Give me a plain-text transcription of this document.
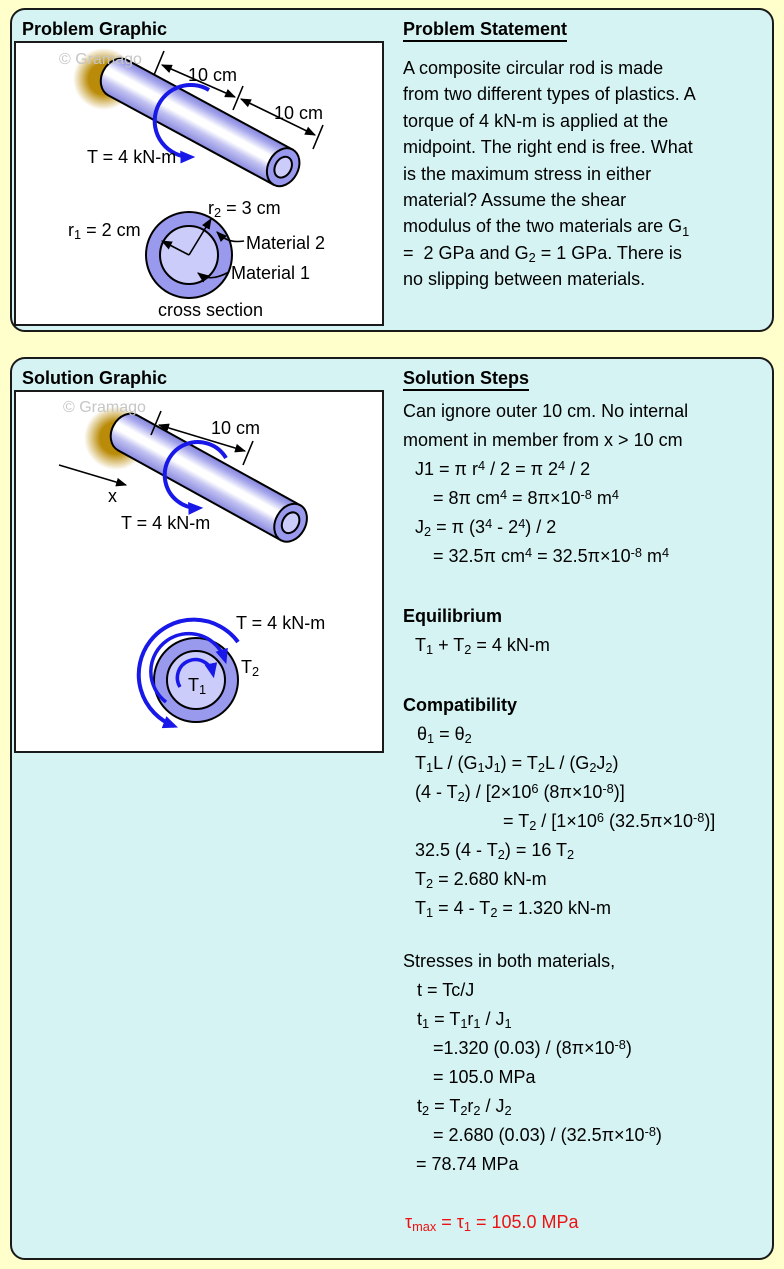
Problem Graphic
© Gramago
10 cm
10 cm
T = 4 kN-m
$r_2 = 3$ cm
$r_1 = 2$ cm
Material 2
Material 1
cross section
Problem Statement
A composite circular rod is made
from two different types of plastics. A
torque of 4 kN-m is applied at the
midpoint. The right end is free. What
is the maximum stress in either
material? Assume the shear
modulus of the two materials are $G_1$
=  2 GPa and $G_2 = 1$ GPa. There is
no slipping between materials.
Solution Graphic
© Gramago
10 cm
x
T = 4 kN-m
T = 4 kN-m
$T_2$
$T_1$
Solution Steps
Can ignore outer 10 cm. No internal
moment in member from x > 10 cm
J1 = π $r^4 / 2 = \pi$ $2^4 / 2$
= 8π $cm^4 = 8\pi\times 10^{-8}$ $m^4$
$J_2 = \pi$ $(3^4 - 2^4) / 2$
= 32.5π $cm^4 = 32.5\pi\times 10^{-8}$ $m^4$
Equilibrium
$T_1 + T_2 = 4$ kN-m
Compatibility
$\theta_1 = \theta_2$
$T_1L / (G_1J_1) = T_2L / (G_2J_2)$
$(4 - T_2) / [2\times 10^6$ $(8\pi\times 10^{-8})$]
= $T_2 / [1\times 10^6$ $(32.5\pi\times 10^{-8})$]
32.5 $(4 - T_2) = 16$ $T_2$
$T_2 = 2.680$ kN-m
$T_1 = 4 - T_2 = 1.320$ kN-m
Stresses in both materials,
t = Tc/J
$t_1 = T_1r_1 / J_1$
=1.320 $(0.03) / (8\pi\times 10^{-8})$
= 105.0 MPa
$t_2 = T_2r_2 / J_2$
= 2.680 $(0.03) / (32.5\pi\times 10^{-8})$
= 78.74 MPa
$\tau_{max} = \tau_1 = 105.0$ MPa
